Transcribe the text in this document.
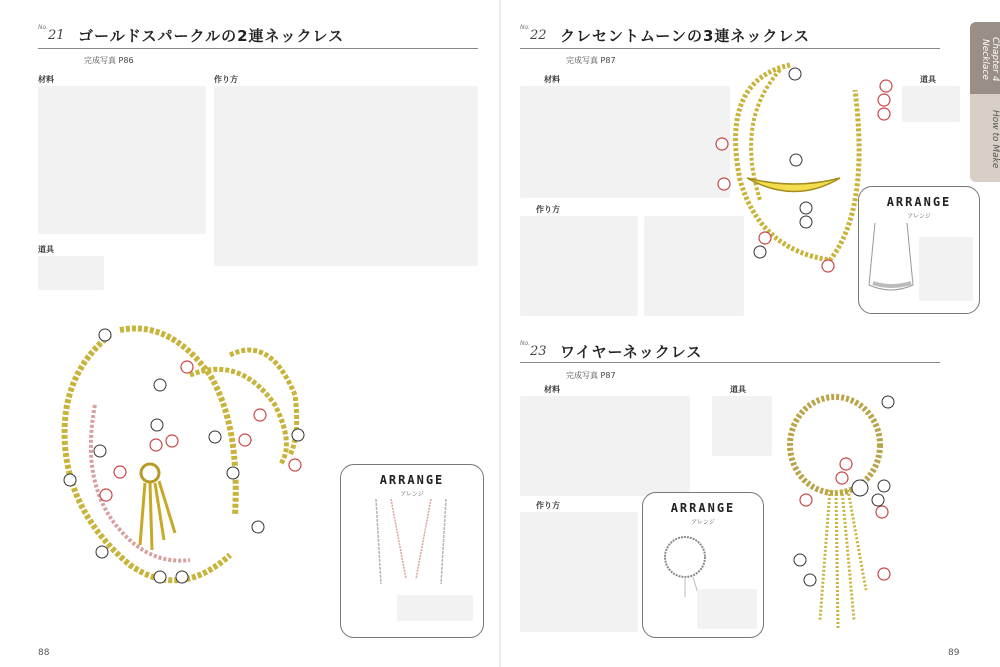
No.
21 ゴールドスパークルの2連ネックレス
完成写真 P86
材料
道具
作り方
ARRANGE
アレンジ
88
No.
22 クレセントムーンの3連ネックレス
完成写真 P87
材料	道具
作り方
ARRANGE
アレンジ
Chapter 4 Necklace
How to Make
No.
23 ワイヤーネックレス
完成写真 P87
材料	道具
作り方	ARRANGE
アレンジ
89
